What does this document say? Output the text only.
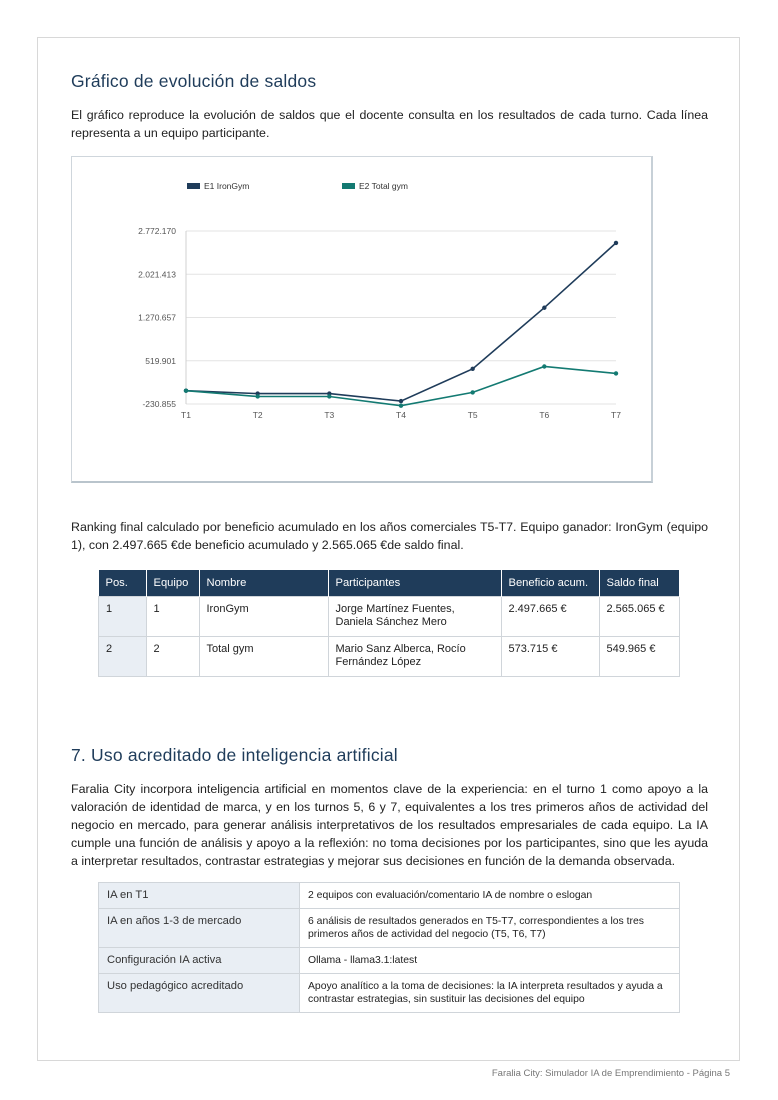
Gráfico de evolución de saldos

El gráfico reproduce la evolución de saldos que el docente consulta en los resultados de cada turno. Cada línea representa a un equipo participante.

2.772.170
2.021.413
1.270.657
519.901
-230.855
T1	T2	T3	T4	T5	T6	T7
E1 IronGym	E2 Total gym

Ranking final calculado por beneficio acumulado en los años comerciales T5-T7. Equipo ganador: IronGym (equipo 1), con 2.497.665 €de beneficio acumulado y 2.565.065 €de saldo final.

Pos.	Equipo	Nombre	Participantes	Beneficio acum.	Saldo final
1	1	IronGym	Jorge Martínez Fuentes, Daniela Sánchez Mero	2.497.665 €	2.565.065 €
2	2	Total gym	Mario Sanz Alberca, Rocío Fernández López	573.715 €	549.965 €
7. Uso acreditado de inteligencia artificial

Faralia City incorpora inteligencia artificial en momentos clave de la experiencia: en el turno 1 como apoyo a la valoración de identidad de marca, y en los turnos 5, 6 y 7, equivalentes a los tres primeros años de actividad del negocio en mercado, para generar análisis interpretativos de los resultados empresariales de cada equipo. La IA cumple una función de análisis y apoyo a la reflexión: no toma decisiones por los participantes, sino que les ayuda a interpretar resultados, contrastar estrategias y mejorar sus decisiones en función de la demanda observada.

IA en T1	2 equipos con evaluación/comentario IA de nombre o eslogan
IA en años 1-3 de mercado	6 análisis de resultados generados en T5-T7, correspondientes a los tres primeros años de actividad del negocio (T5, T6, T7)
Configuración IA activa	Ollama - llama3.1:latest
Uso pedagógico acreditado	Apoyo analítico a la toma de decisiones: la IA interpreta resultados y ayuda a contrastar estrategias, sin sustituir las decisiones del equipo
Faralia City: Simulador IA de Emprendimiento - Página 5
